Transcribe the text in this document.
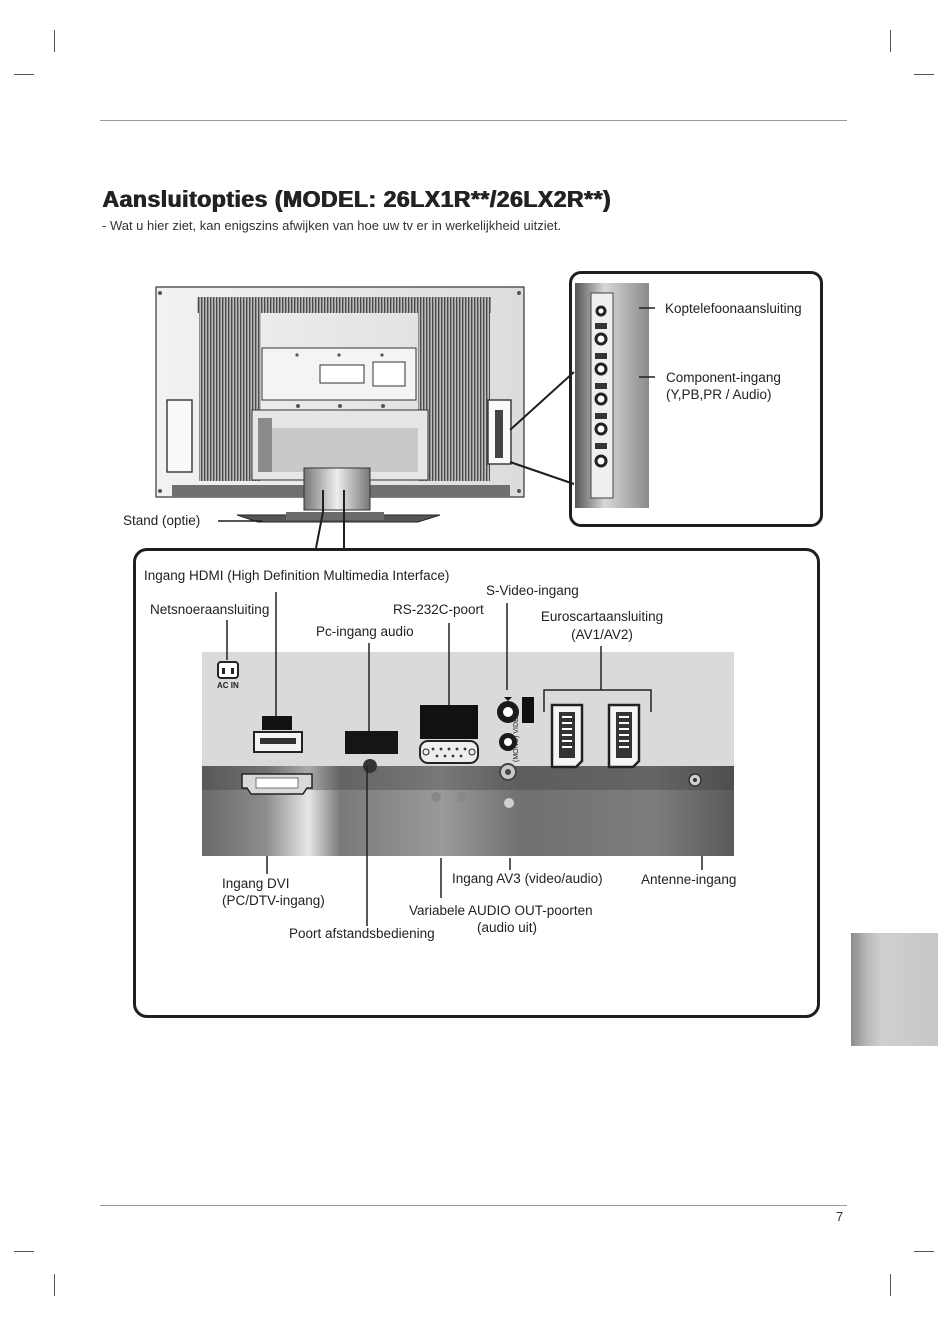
Aansluitopties (MODEL: 26LX1R**/26LX2R**)
- Wat u hier ziet, kan enigszins afwijken van hoe uw tv er in werkelijkheid uitziet.
Stand (optie)
Koptelefoonaansluiting
Component-ingang
(Y,PB,PR / Audio)
AC IN
(MONO) VIDEO
Ingang HDMI (High Definition Multimedia Interface)
S-Video-ingang
Netsnoeraansluiting	RS-232C-poort	Euroscartaansluiting
(AV1/AV2)
Pc-ingang audio
Ingang DVI
(PC/DTV-ingang)
Ingang AV3 (video/audio)	Antenne-ingang
Variabele AUDIO OUT-poorten
(audio uit)
Poort afstandsbediening
7
